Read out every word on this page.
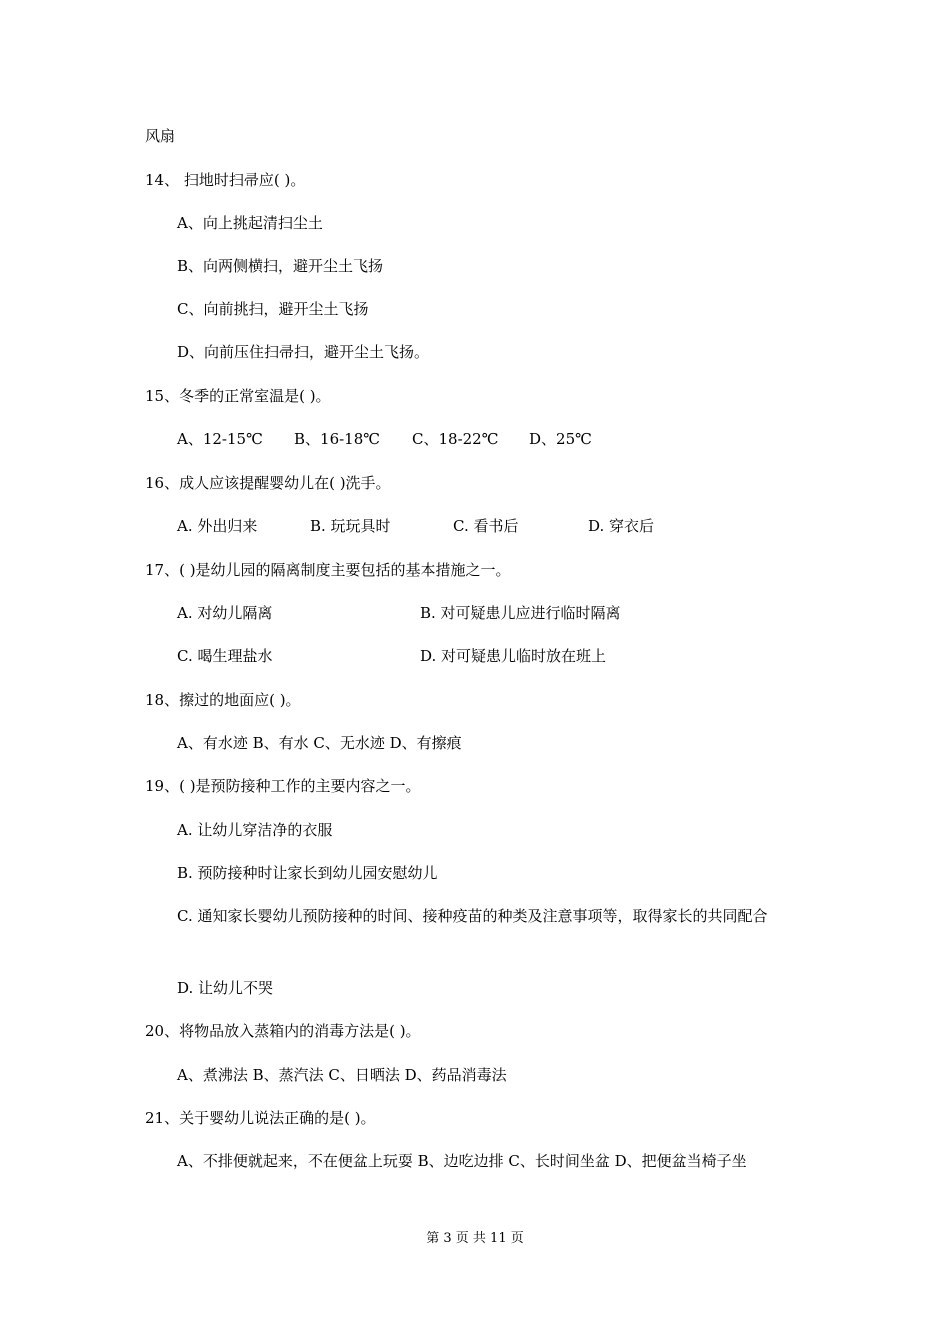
风扇
14、 扫地时扫帚应( )。
A、向上挑起清扫尘土
B、向两侧横扫，避开尘土飞扬
C、向前挑扫，避开尘土飞扬
D、向前压住扫帚扫，避开尘土飞扬。
15、冬季的正常室温是( )。
A、12-15℃ B、16-18℃ C、18-22℃ D、25℃
16、成人应该提醒婴幼儿在( )洗手。
A. 外出归来	B. 玩玩具时	C. 看书后	D. 穿衣后
17、( )是幼儿园的隔离制度主要包括的基本措施之一。
A. 对幼儿隔离	B. 对可疑患儿应进行临时隔离
C. 喝生理盐水	D. 对可疑患儿临时放在班上
18、擦过的地面应( )。
A、有水迹 B、有水 C、无水迹 D、有擦痕
19、( )是预防接种工作的主要内容之一。
A. 让幼儿穿洁净的衣服
B. 预防接种时让家长到幼儿园安慰幼儿
C. 通知家长婴幼儿预防接种的时间、接种疫苗的种类及注意事项等，取得家长的共同配合
D. 让幼儿不哭
20、将物品放入蒸箱内的消毒方法是( )。
A、煮沸法 B、蒸汽法 C、日晒法 D、药品消毒法
21、关于婴幼儿说法正确的是( )。
A、不排便就起来，不在便盆上玩耍 B、边吃边排 C、长时间坐盆 D、把便盆当椅子坐
第 3 页 共 11 页
